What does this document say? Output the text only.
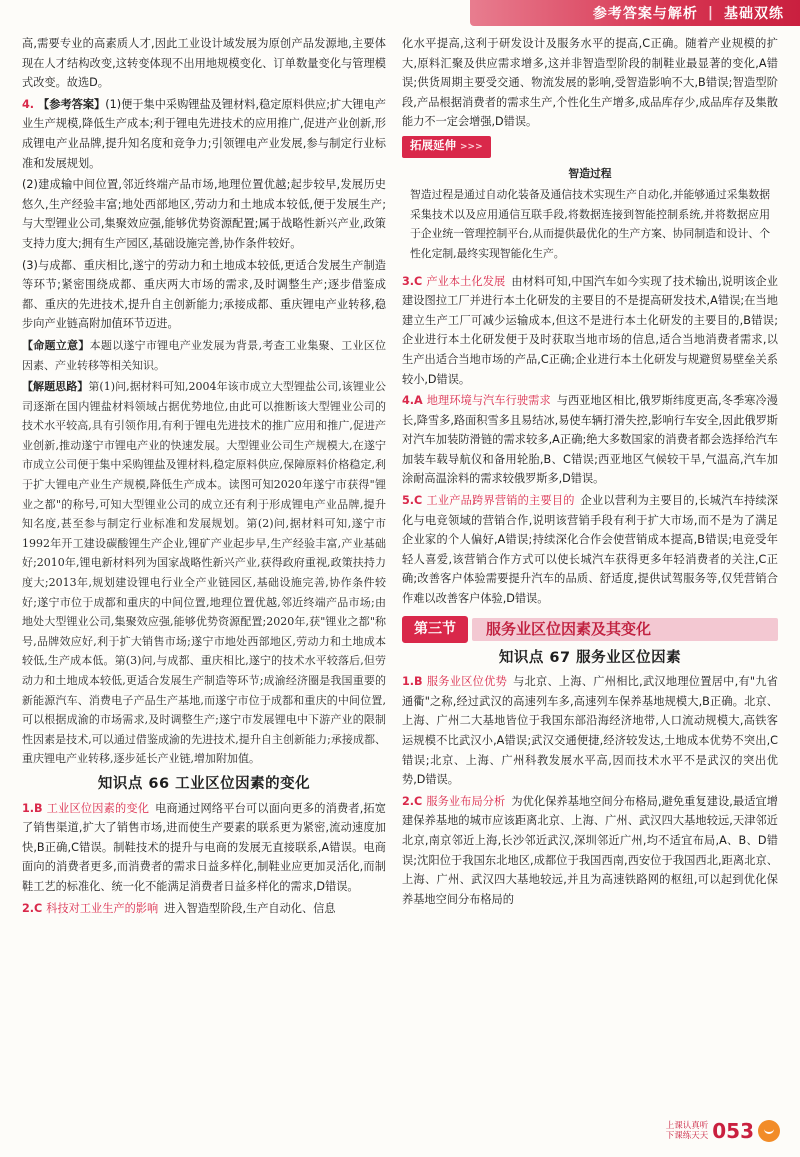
参考答案与解析 | 基础双练

高,需要专业的高素质人才,因此工业设计域发展为原创产品发源地,主要体现在人才结构改变,这转变体现不出用地规模变化、订单数量变化与管理模式改变。故选D。

4. 【参考答案】(1)便于集中采购锂盐及锂材料,稳定原料供应;扩大锂电产业生产规模,降低生产成本;利于锂电先进技术的应用推广,促进产业创新,形成锂电产业品牌,提升知名度和竞争力;引领锂电产业发展,参与制定行业标准和发展规划。

(2)建成输中间位置,邻近终端产品市场,地理位置优越;起步较早,发展历史悠久,生产经验丰富;地处西部地区,劳动力和土地成本较低,便于发展生产;与大型锂业公司,集聚效应强,能够优势资源配置;属于战略性新兴产业,政策支持力度大;拥有生产园区,基础设施完善,协作条件较好。

(3)与成都、重庆相比,遂宁的劳动力和土地成本较低,更适合发展生产制造等环节;紧密围绕成都、重庆两大市场的需求,及时调整生产;逐步借鉴成都、重庆的先进技术,提升自主创新能力;承接成都、重庆锂电产业转移,稳步向产业链高附加值环节迈进。

【命题立意】本题以遂宁市锂电产业发展为背景,考查工业集聚、工业区位因素、产业转移等相关知识。

【解题思路】第(1)问,据材料可知,2004年该市成立大型锂盐公司,该锂业公司逐渐在国内锂盐材料领域占据优势地位,由此可以推断该大型锂业公司的技术水平较高,具有引领作用,有利于锂电先进技术的推广应用和推广,促进产业创新,推动遂宁市锂电产业的快速发展。大型锂业公司生产规模大,在遂宁市成立公司便于集中采购锂盐及锂材料,稳定原料供应,保障原料价格稳定,利于扩大锂电产业生产规模,降低生产成本。读图可知2020年遂宁市获得"锂业之都"的称号,可知大型锂业公司的成立还有利于形成锂电产业品牌,提升知名度,甚至参与制定行业标准和发展规划。第(2)问,据材料可知,遂宁市1992年开工建设碳酸锂生产企业,锂矿产业起步早,生产经验丰富,产业基础好;2010年,锂电新材料列为国家战略性新兴产业,获得政府重视,政策扶持力度大;2013年,规划建设锂电行业全产业链园区,基础设施完善,协作条件较好;遂宁市位于成都和重庆的中间位置,地理位置优越,邻近终端产品市场;由地处大型锂业公司,集聚效应强,能够优势资源配置;2020年,获"锂业之都"称号,品牌效应好,利于扩大销售市场;遂宁市地处西部地区,劳动力和土地成本较低,生产成本低。第(3)问,与成都、重庆相比,遂宁的技术水平较落后,但劳动力和土地成本较低,更适合发展生产制造等环节;成渝经济圈是我国重要的新能源汽车、消费电子产品生产基地,而遂宁市位于成都和重庆的中间位置,可以根据成渝的市场需求,及时调整生产;遂宁市发展锂电中下游产业的限制性因素是技术,可以通过借鉴成渝的先进技术,提升自主创新能力;承接成都、重庆锂电产业转移,逐步延长产业链,增加附加值。

知识点 66 工业区位因素的变化

1.B 工业区位因素的变化 电商通过网络平台可以面向更多的消费者,拓宽了销售渠道,扩大了销售市场,进而使生产要素的联系更为紧密,流动速度加快,B正确,C错误。制鞋技术的提升与电商的发展无直接联系,A错误。电商面向的消费者更多,而消费者的需求日益多样化,制鞋业应更加灵活化,而制鞋工艺的标准化、统一化不能满足消费者日益多样化的需求,D错误。

2.C 科技对工业生产的影响 进入智造型阶段,生产自动化、信息

化水平提高,这利于研发设计及服务水平的提高,C正确。随着产业规模的扩大,原料汇聚及供应需求增多,这并非智造型阶段的制鞋业最显著的变化,A错误;供货周期主要受交通、物流发展的影响,受智造影响不大,B错误;智造型阶段,产品根据消费者的需求生产,个性化生产增多,成品库存少,成品库存及集散能力不一定会增强,D错误。

拓展延伸 >>>
智造过程
智造过程是通过自动化装备及通信技术实现生产自动化,并能够通过采集数据采集技术以及应用通信互联手段,将数据连接到智能控制系统,并将数据应用于企业统一管理控制平台,从而提供最优化的生产方案、协同制造和设计、个性化定制,最终实现智能化生产。

3.C 产业本土化发展 由材料可知,中国汽车如今实现了技术输出,说明该企业建设图拉工厂并进行本土化研发的主要目的不是提高研发技术,A错误;在当地建立生产工厂可减少运输成本,但这不是进行本土化研发的主要目的,B错误;企业进行本土化研发便于及时获取当地市场的信息,适合当地消费者需求,以生产出适合当地市场的产品,C正确;企业进行本土化研发与规避贸易壁垒关系较小,D错误。

4.A 地理环境与汽车行驶需求 与西亚地区相比,俄罗斯纬度更高,冬季寒冷漫长,降雪多,路面积雪多且易结冰,易使车辆打滑失控,影响行车安全,因此俄罗斯对汽车加装防滑链的需求较多,A正确;绝大多数国家的消费者都会选择给汽车加装车载导航仪和备用轮胎,B、C错误;西亚地区气候较干旱,气温高,汽车加涂耐高温涂料的需求较俄罗斯多,D错误。

5.C 工业产品跨界营销的主要目的 企业以营利为主要目的,长城汽车持续深化与电竞领域的营销合作,说明该营销手段有利于扩大市场,而不是为了满足企业家的个人偏好,A错误;持续深化合作会使营销成本提高,B错误;电竞受年轻人喜爱,该营销合作方式可以使长城汽车获得更多年轻消费者的关注,C正确;改善客户体验需要提升汽车的品质、舒适度,提供试驾服务等,仅凭营销合作难以改善客户体验,D错误。

第三节	服务业区位因素及其变化
知识点 67 服务业区位因素

1.B 服务业区位优势 与北京、上海、广州相比,武汉地理位置居中,有"九省通衢"之称,经过武汉的高速列车多,高速列车保养基地规模大,B正确。北京、上海、广州二大基地皆位于我国东部沿海经济地带,人口流动规模大,高铁客运规模不比武汉小,A错误;武汉交通便捷,经济较发达,土地成本优势不突出,C错误;北京、上海、广州科教发展水平高,因而技术水平不是武汉的突出优势,D错误。

2.C 服务业布局分析 为优化保养基地空间分布格局,避免重复建设,最适宜增建保养基地的城市应该距离北京、上海、广州、武汉四大基地较远,天津邻近北京,南京邻近上海,长沙邻近武汉,深圳邻近广州,均不适宜布局,A、B、D错误;沈阳位于我国东北地区,成都位于我国西南,西安位于我国西北,距离北京、上海、广州、武汉四大基地较远,并且为高速铁路网的枢纽,可以起到优化保养基地空间分布格局的

上课认真听
下课练天天 053
